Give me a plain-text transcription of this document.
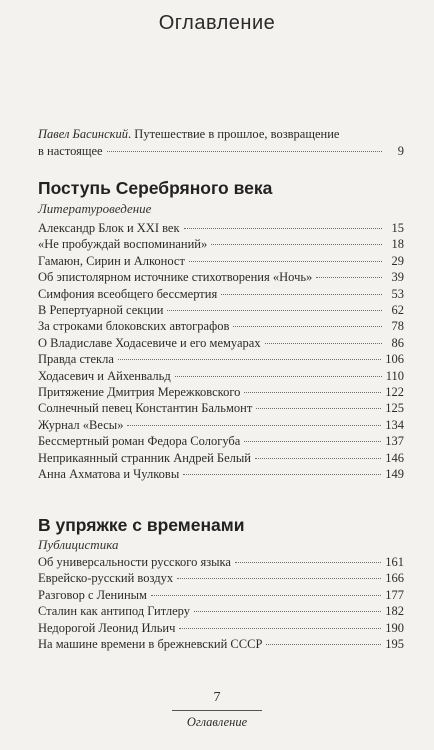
Оглавление
Павел Басинский. Путешествие в прошлое, возвращение
в настоящее	9
Поступь Серебряного века
Литературоведение
Александр Блок и XXI век	15
«Не пробуждай воспоминаний»	18
Гамаюн, Сирин и Алконост	29
Об эпистолярном источнике стихотворения «Ночь»	39
Симфония всеобщего бессмертия	53
В Репертуарной секции	62
За строками блоковских автографов	78
О Владиславе Ходасевиче и его мемуарах	86
Правда стекла	106
Ходасевич и Айхенвальд	110
Притяжение Дмитрия Мережковского	122
Солнечный певец Константин Бальмонт	125
Журнал «Весы»	134
Бессмертный роман Федора Сологуба	137
Неприкаянный странник Андрей Белый	146
Анна Ахматова и Чулковы	149
В упряжке с временами
Публицистика
Об универсальности русского языка	161
Еврейско-русский воздух	166
Разговор с Лениным	177
Сталин как антипод Гитлеру	182
Недорогой Леонид Ильич	190
На машине времени в брежневский СССР	195
7
Оглавление
